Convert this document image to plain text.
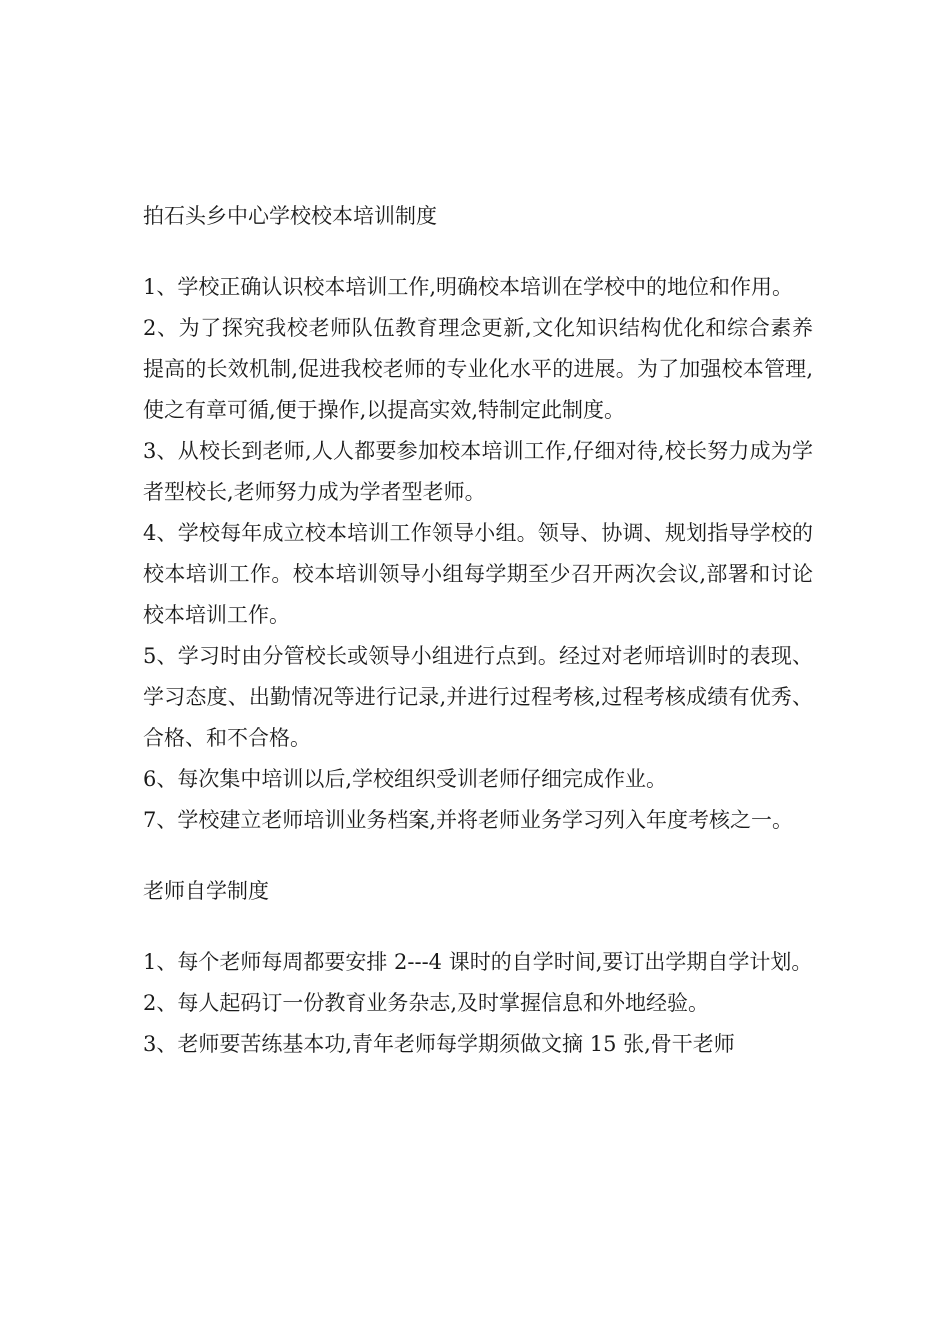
拍石头乡中心学校校本培训制度

1、学校正确认识校本培训工作,明确校本培训在学校中的地位和作用。

2、为了探究我校老师队伍教育理念更新,文化知识结构优化和综合素养提高的长效机制,促进我校老师的专业化水平的进展。为了加强校本管理,使之有章可循,便于操作,以提高实效,特制定此制度。

3、从校长到老师,人人都要参加校本培训工作,仔细对待,校长努力成为学者型校长,老师努力成为学者型老师。

4、学校每年成立校本培训工作领导小组。领导、协调、规划指导学校的校本培训工作。校本培训领导小组每学期至少召开两次会议,部署和讨论校本培训工作。

5、学习时由分管校长或领导小组进行点到。经过对老师培训时的表现、学习态度、出勤情况等进行记录,并进行过程考核,过程考核成绩有优秀、合格、和不合格。

6、每次集中培训以后,学校组织受训老师仔细完成作业。

7、学校建立老师培训业务档案,并将老师业务学习列入年度考核之一。

老师自学制度

1、每个老师每周都要安排 2---4 课时的自学时间,要订出学期自学计划。

2、每人起码订一份教育业务杂志,及时掌握信息和外地经验。

3、老师要苦练基本功,青年老师每学期须做文摘 15 张,骨干老师
